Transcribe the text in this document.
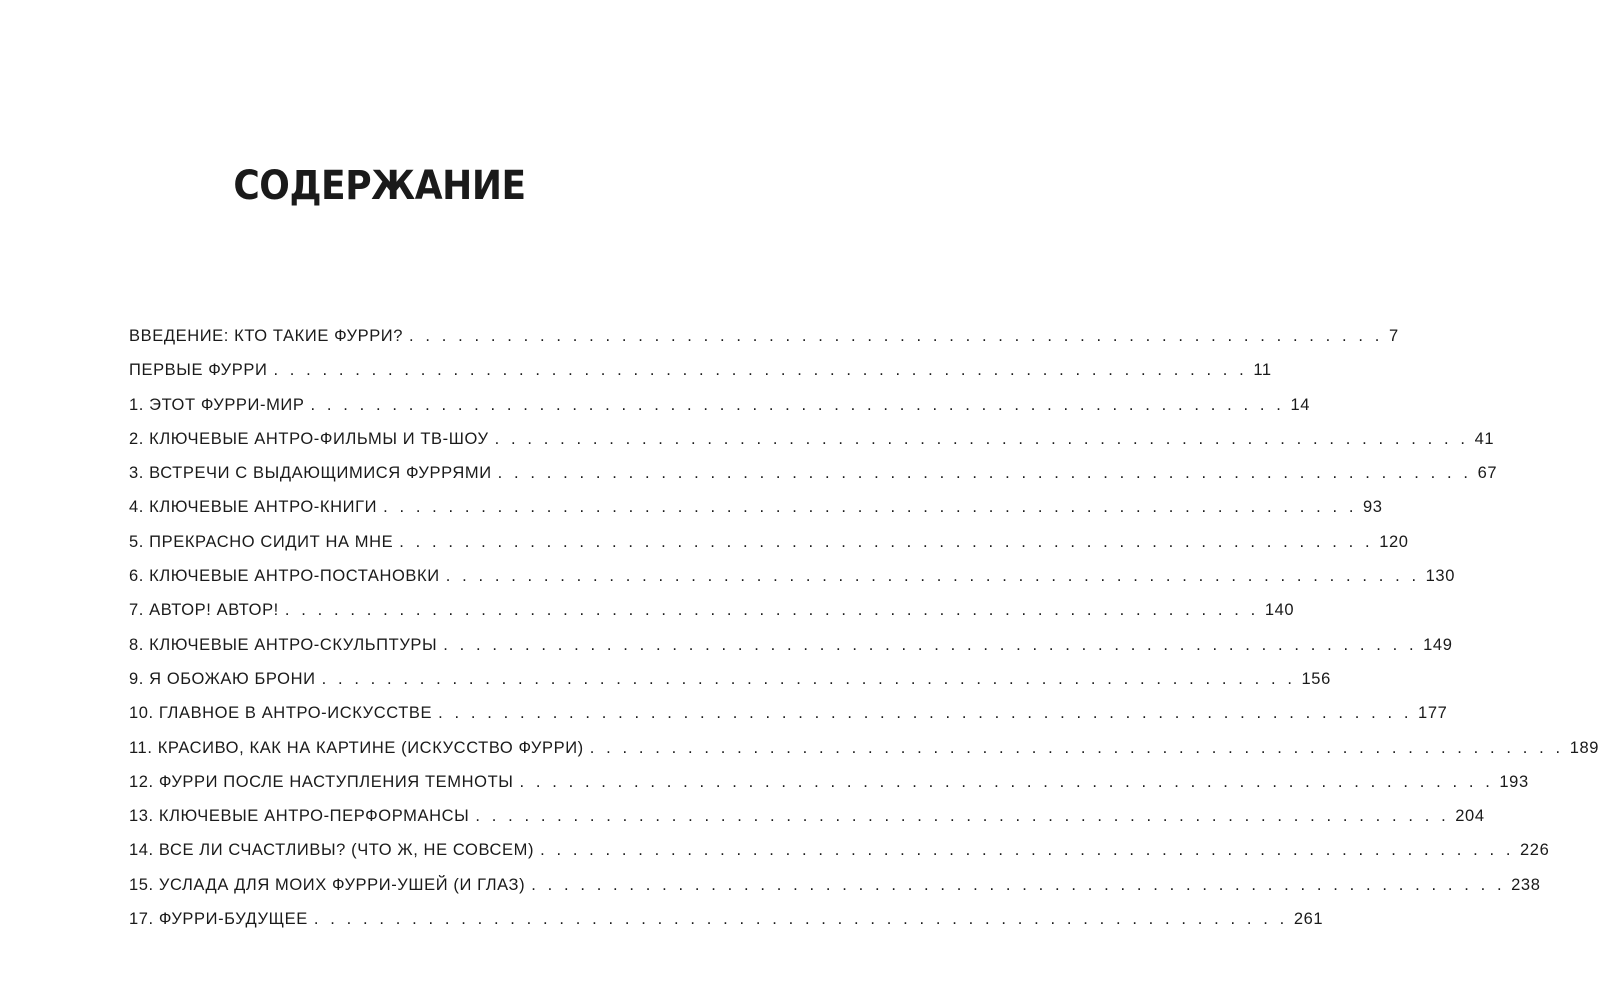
СОДЕРЖАНИЕ
ВВЕДЕНИЕ: КТО ТАКИЕ ФУРРИ? . . . . . . . . . . . . . . . . . . . . . . . . . . . . . . . . . . . . . . . . . . . . . . . . . . . . . . . . . . . . 7
ПЕРВЫЕ ФУРРИ . . . . . . . . . . . . . . . . . . . . . . . . . . . . . . . . . . . . . . . . . . . . . . . . . . . . . . . . . . . . 11
1. ЭТОТ ФУРРИ-МИР . . . . . . . . . . . . . . . . . . . . . . . . . . . . . . . . . . . . . . . . . . . . . . . . . . . . . . . . . . . . 14
2. КЛЮЧЕВЫЕ АНТРО-ФИЛЬМЫ И ТВ-ШОУ . . . . . . . . . . . . . . . . . . . . . . . . . . . . . . . . . . . . . . . . . . . . . . . . . . . . . . . . . . . . 41
3. ВСТРЕЧИ С ВЫДАЮЩИМИСЯ ФУРРЯМИ . . . . . . . . . . . . . . . . . . . . . . . . . . . . . . . . . . . . . . . . . . . . . . . . . . . . . . . . . . . . 67
4. КЛЮЧЕВЫЕ АНТРО-КНИГИ . . . . . . . . . . . . . . . . . . . . . . . . . . . . . . . . . . . . . . . . . . . . . . . . . . . . . . . . . . . . 93
5. ПРЕКРАСНО СИДИТ НА МНЕ . . . . . . . . . . . . . . . . . . . . . . . . . . . . . . . . . . . . . . . . . . . . . . . . . . . . . . . . . . . . 120
6. КЛЮЧЕВЫЕ АНТРО-ПОСТАНОВКИ . . . . . . . . . . . . . . . . . . . . . . . . . . . . . . . . . . . . . . . . . . . . . . . . . . . . . . . . . . . . 130
7. АВТОР! АВТОР! . . . . . . . . . . . . . . . . . . . . . . . . . . . . . . . . . . . . . . . . . . . . . . . . . . . . . . . . . . . . 140
8. КЛЮЧЕВЫЕ АНТРО-СКУЛЬПТУРЫ . . . . . . . . . . . . . . . . . . . . . . . . . . . . . . . . . . . . . . . . . . . . . . . . . . . . . . . . . . . . 149
9. Я ОБОЖАЮ БРОНИ . . . . . . . . . . . . . . . . . . . . . . . . . . . . . . . . . . . . . . . . . . . . . . . . . . . . . . . . . . . . 156
10. ГЛАВНОЕ В АНТРО-ИСКУССТВЕ . . . . . . . . . . . . . . . . . . . . . . . . . . . . . . . . . . . . . . . . . . . . . . . . . . . . . . . . . . . . 177
11. КРАСИВО, КАК НА КАРТИНЕ (ИСКУССТВО ФУРРИ) . . . . . . . . . . . . . . . . . . . . . . . . . . . . . . . . . . . . . . . . . . . . . . . . . . . . . . . . . . . . 189
12. ФУРРИ ПОСЛЕ НАСТУПЛЕНИЯ ТЕМНОТЫ . . . . . . . . . . . . . . . . . . . . . . . . . . . . . . . . . . . . . . . . . . . . . . . . . . . . . . . . . . . . 193
13. КЛЮЧЕВЫЕ АНТРО-ПЕРФОРМАНСЫ . . . . . . . . . . . . . . . . . . . . . . . . . . . . . . . . . . . . . . . . . . . . . . . . . . . . . . . . . . . . 204
14. ВСЕ ЛИ СЧАСТЛИВЫ? (ЧТО Ж, НЕ СОВСЕМ) . . . . . . . . . . . . . . . . . . . . . . . . . . . . . . . . . . . . . . . . . . . . . . . . . . . . . . . . . . . . 226
15. УСЛАДА ДЛЯ МОИХ ФУРРИ-УШЕЙ (И ГЛАЗ) . . . . . . . . . . . . . . . . . . . . . . . . . . . . . . . . . . . . . . . . . . . . . . . . . . . . . . . . . . . . 238
17. ФУРРИ-БУДУЩЕЕ . . . . . . . . . . . . . . . . . . . . . . . . . . . . . . . . . . . . . . . . . . . . . . . . . . . . . . . . . . . . 261
